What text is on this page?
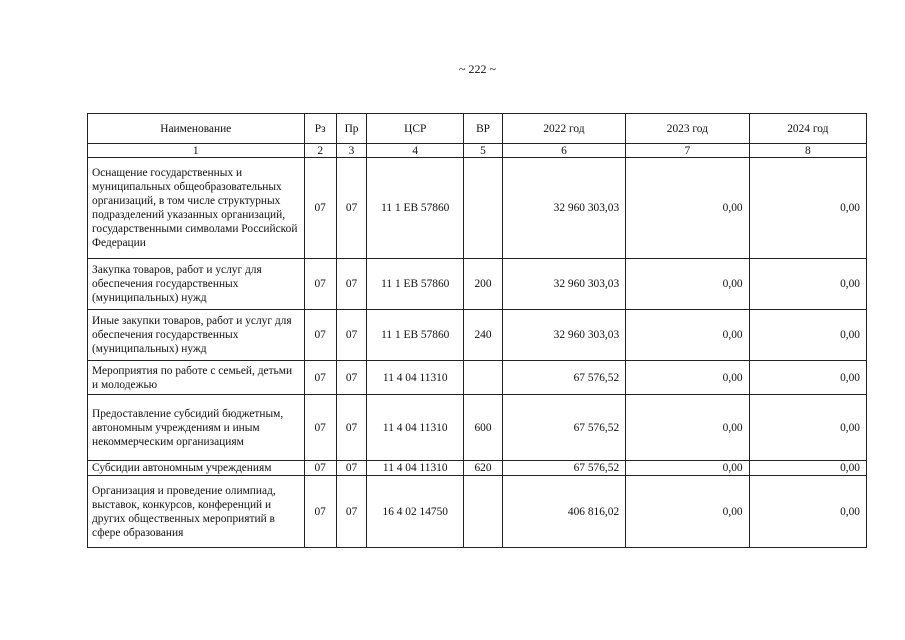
~ 222 ~
Наименование	Рз	Пр	ЦСР	ВР	2022 год	2023 год	2024 год
1	2	3	4	5	6	7	8
Оснащение государственных и муниципальных общеобразовательных организаций, в том числе структурных подразделений указанных организаций, государственными символами Российской Федерации	07	07	11 1 ЕВ 57860		32 960 303,03	0,00	0,00
Закупка товаров, работ и услуг для обеспечения государственных (муниципальных) нужд	07	07	11 1 ЕВ 57860	200	32 960 303,03	0,00	0,00
Иные закупки товаров, работ и услуг для обеспечения государственных (муниципальных) нужд	07	07	11 1 ЕВ 57860	240	32 960 303,03	0,00	0,00
Мероприятия по работе с семьей, детьми и молодежью	07	07	11 4 04 11310		67 576,52	0,00	0,00
Предоставление субсидий бюджетным, автономным учреждениям и иным некоммерческим организациям	07	07	11 4 04 11310	600	67 576,52	0,00	0,00
Субсидии автономным учреждениям	07	07	11 4 04 11310	620	67 576,52	0,00	0,00
Организация и проведение олимпиад, выставок, конкурсов, конференций и других общественных мероприятий в сфере образования	07	07	16 4 02 14750		406 816,02	0,00	0,00
